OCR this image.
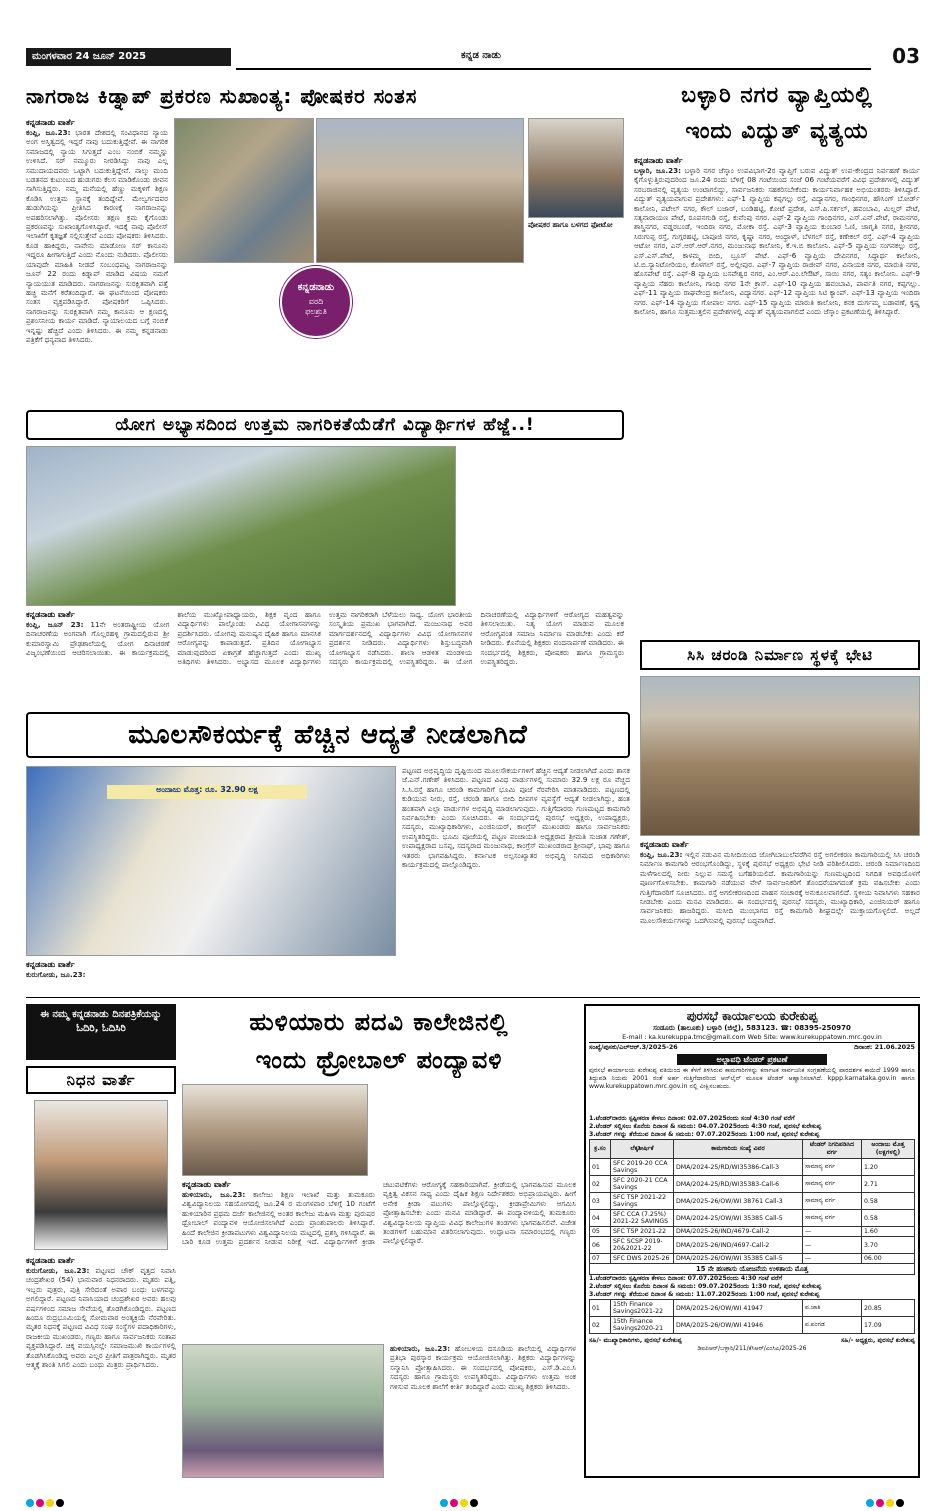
ಮಂಗಳವಾರ 24 ಜೂನ್ 2025	ಕನ್ನಡ ನಾಡು	03
ನಾಗರಾಜ ಕಿಡ್ನಾಪ್ ಪ್ರಕರಣ ಸುಖಾಂತ್ಯ: ಪೋಷಕರ ಸಂತಸ
ಕನ್ನಡನಾಡು ವಾರ್ತೆ
ಕಂಪ್ಲಿ, ಜೂ.23: ಭಾರತ ದೇಶದಲ್ಲಿ ಸಂವಿಧಾನದ ನ್ಯಾಯ ಅಂಗ ಅಸ್ತಿತ್ವದಲ್ಲಿ ಇದ್ದರೆ ನಾವು ಬದುಕುತ್ತಿದ್ದೇವೆ. ಈ ನಾಗರಿಕ ಸಮಾಜದಲ್ಲಿ ನ್ಯಾಯ ಸಿಗುತ್ತದೆ ಎಂಬ ನಂಬಿಕೆ ನಮ್ಮನ್ನು ಉಳಿಸಿದೆ. ಸರ್ ನಮ್ಮೂರು ನೀರಡಿಸಿದ್ದು ನಾವು ಎಲ್ಲ ಸಮುದಾಯದವರು ಒಟ್ಟಾಗಿ ಬದುಕುತ್ತಿದ್ದೇವೆ. ನಾಲ್ಕು ಮಂದಿ ಬಡತನದ ಕುಟುಂಬದ ಹುಡುಗರು ಕೆಲಸ ಮಾಡಿಕೊಂಡು ಜೀವನ ಸಾಗಿಸುತ್ತಿದ್ದರು. ನಮ್ಮ ಮನೆಯಲ್ಲಿ ಹೆಣ್ಣು ಮಕ್ಕಳಿಗೆ ಶಿಕ್ಷಣ ಕೊಡಿಸಿ ಉತ್ತಮ ಸ್ಥಾನಕ್ಕೆ ತಂದಿದ್ದೇವೆ. ಮೇಲ್ವರ್ಗದವರ ಹುಡುಗಿಯನ್ನು ಪ್ರೀತಿಸಿದ ಕಾರಣಕ್ಕೆ ನಾಗರಾಜನನ್ನು ಅಪಹರಿಸಲಾಗಿತ್ತು. ಪೊಲೀಸರು ತಕ್ಷಣ ಕ್ರಮ ಕೈಗೊಂಡು ಪ್ರಕರಣವನ್ನು ಸುಖಾಂತ್ಯಗೊಳಿಸಿದ್ದಾರೆ. ಇದಕ್ಕೆ ನಾವು ಪೊಲೀಸ್ ಇಲಾಖೆಗೆ ಕೃತಜ್ಞತೆ ಸಲ್ಲಿಸುತ್ತೇವೆ ಎಂದು ಪೋಷಕರು ತಿಳಿಸಿದರು. ಕೂಡ ಹಾಕಿದ್ದರು, ನಾವೇನು ಮಾಡೋಣ ಸರ್ ಕಾನೂನು ಇದ್ದರೂ ಹೀಗಾಗುತ್ತಿದೆ ಎಂದು ನೊಂದು ನುಡಿದರು. ಪೊಲೀಸರು ಯಾವುದೇ ಮಾಹಿತಿ ನೀಡದೆ ಸಂಬಂಧಪಟ್ಟ ನಾಗರಾಜನನ್ನು ಜೂನ್ 22 ರಂದು ಕಿಡ್ನಾಪ್ ಮಾಡಿದ ವಿಷಯ ನಮಗೆ ನ್ಯಾಯಯುತ ಮಾಡಿದರು. ನಾಗರಾಜನನ್ನು ಸುರಕ್ಷಿತವಾಗಿ ಪತ್ತೆ ಹಚ್ಚಿ ಮನೆಗೆ ಕರೆತಂದಿದ್ದಾರೆ. ಈ ಘಟನೆಯಿಂದ ಪೋಷಕರು ಸಂತಸ ವ್ಯಕ್ತಪಡಿಸಿದ್ದಾರೆ. ಪೋಷಕರಿಗೆ ಒಪ್ಪಿಸಿದರು. ನಾಗರಾಜನನ್ನು ಸುರಕ್ಷಿತವಾಗಿ ನಮ್ಮ ಕಾನೂನು ಆ ಕ್ಷಣದಲ್ಲಿ ಪ್ರಶಂಸನೀಯ ಕಾರ್ಯ ಮಾಡಿದೆ. ನ್ಯಾಯಾಲಯದ ಬಗ್ಗೆ ನಂಬಿಕೆ ಇನ್ನಷ್ಟು ಹೆಚ್ಚಿದೆ ಎಂದು ತಿಳಿಸಿದರು. ಈ ನಮ್ಮ ಕನ್ನಡನಾಡು ಪತ್ರಿಕೆಗೆ ಧನ್ಯವಾದ ತಿಳಿಸಿದರು.
ಪೋಷಕರ ಹಾಗೂ ಬಳಗದ ಫೋಟೋ
ಕನ್ನಡನಾಡು
ವರದಿ
ಫಲಶ್ರುತಿ
ಬಳ್ಳಾರಿ ನಗರ ವ್ಯಾಪ್ತಿಯಲ್ಲಿ
ಇಂದು ವಿದ್ಯುತ್ ವ್ಯತ್ಯಯ
ಕನ್ನಡನಾಡು ವಾರ್ತೆ
ಬಳ್ಳಾರಿ, ಜೂ.23: ಬಳ್ಳಾರಿ ನಗರ ಜೆಸ್ಕಾಂ ಉಪವಿಭಾಗ-2ರ ವ್ಯಾಪ್ತಿಗೆ ಬರುವ ವಿದ್ಯುತ್ ಉಪ-ಕೇಂದ್ರದ ನಿರ್ವಹಣೆ ಕಾರ್ಯ ಕೈಗೊಳ್ಳುತ್ತಿರುವುದರಿಂದ ಜೂ.24 ರಂದು ಬೆಳಿಗ್ಗೆ 08 ಗಂಟೆಯಿಂದ ಸಂಜೆ 06 ಗಂಟೆಯವರೆಗೆ ವಿವಿಧ ಪ್ರದೇಶಗಳಲ್ಲಿ ವಿದ್ಯುತ್ ಸರಬರಾಜಿನಲ್ಲಿ ವ್ಯತ್ಯಯ ಉಂಟಾಗಲಿದ್ದು, ಸಾರ್ವಜನಿಕರು ಸಹಕರಿಸಬೇಕೆಂದು ಕಾರ್ಯನಿರ್ವಾಹಕ ಅಭಿಯಂತರರು ತಿಳಿಸಿದ್ದಾರೆ. ವಿದ್ಯುತ್ ವ್ಯತ್ಯಯವಾಗುವ ಪ್ರದೇಶಗಳು: ಎಫ್-1 ವ್ಯಾಪ್ತಿಯ ಕಪ್ಪಗಲ್ಲು ರಸ್ತೆ, ವಿದ್ಯಾನಗರ, ಗಾಂಧಿನಗರ, ಹೌಸಿಂಗ್ ಬೋರ್ಡ್ ಕಾಲೋನಿ, ಪಟೇಲ್ ನಗರ, ಕೌಲ್ ಬಜಾರ್, ಬಂಡಿಹಟ್ಟಿ, ಕೋಟೆ ಪ್ರದೇಶ, ಎಸ್.ಪಿ.ಸರ್ಕಲ್, ಹವಂಬಾವಿ, ಮಿಲ್ಲರ್ ಪೇಟೆ, ಸತ್ಯನಾರಾಯಣ ಪೇಟೆ, ರೂಪನಗುಡಿ ರಸ್ತೆ, ಕುವೆಂಪು ನಗರ. ಎಫ್-2 ವ್ಯಾಪ್ತಿಯ ಗಾಂಧಿನಗರ, ಎಸ್.ಎನ್.ಪೇಟೆ, ರಾಮನಗರ, ಶಾಸ್ತ್ರಿನಗರ, ವಡ್ಡರಬಂಡೆ, ಇಂದಿರಾ ನಗರ, ಮೋಕಾ ರಸ್ತೆ. ಎಫ್-3 ವ್ಯಾಪ್ತಿಯ ಕುಂಬಾರ ಓಣಿ, ಜಾಗೃತಿ ನಗರ, ಶ್ರೀನಗರ, ಸಿರುಗುಪ್ಪ ರಸ್ತೆ, ಗುಗ್ಗರಹಟ್ಟಿ, ಬಾಪೂಜಿ ನಗರ, ಕೃಷ್ಣಾ ನಗರ, ಆಂಧ್ರಾಳ್, ಬೆಳಗಲ್ ರಸ್ತೆ, ಕಣೇಕಲ್ ರಸ್ತೆ. ಎಫ್-4 ವ್ಯಾಪ್ತಿಯ ಆಟೋ ನಗರ, ಎನ್.ಆರ್.ಆರ್.ನಗರ, ಮಂಜುನಾಥ ಕಾಲೋನಿ, ಕೆ.ಇ.ಬಿ ಕಾಲೋನಿ. ಎಫ್-5 ವ್ಯಾಪ್ತಿಯ ಸಂಗನಕಲ್ಲು ರಸ್ತೆ, ಎಸ್.ಎಸ್.ಪೇಟೆ, ಕಾಳಮ್ಮ ಬೀದಿ, ಬ್ರೂಸ್ ಪೇಟೆ. ಎಫ್-6 ವ್ಯಾಪ್ತಿಯ ದೇವಿನಗರ, ಸಿದ್ಧಾರ್ಥ ಕಾಲೋನಿ, ಟಿ.ಬಿ.ಸ್ಯಾನಿಟೋರಿಯಂ, ಕೊಳಗಲ್ ರಸ್ತೆ, ಅಲ್ಲೀಪುರ. ಎಫ್-7 ವ್ಯಾಪ್ತಿಯ ರಾಜೀವ್ ನಗರ, ವಿನಾಯಕ ನಗರ, ಮಾರುತಿ ನಗರ, ಹೊಸಪೇಟೆ ರಸ್ತೆ. ಎಫ್-8 ವ್ಯಾಪ್ತಿಯ ಬಸವೇಶ್ವರ ನಗರ, ಎಂ.ಆರ್.ಎಂ.ಲೇಔಟ್, ಸಾಯಿ ನಗರ, ಸತ್ಯಂ ಕಾಲೋನಿ. ಎಫ್-9 ವ್ಯಾಪ್ತಿಯ ನೆಹರು ಕಾಲೋನಿ, ಗಾಂಧಿ ನಗರ 1ನೇ ಕ್ರಾಸ್. ಎಫ್-10 ವ್ಯಾಪ್ತಿಯ ಹವಂಬಾವಿ, ಪಾರ್ವತಿ ನಗರ, ಕಪ್ಪಗಲ್ಲು. ಎಫ್-11 ವ್ಯಾಪ್ತಿಯ ರಾಘವೇಂದ್ರ ಕಾಲೋನಿ, ವಿದ್ಯಾನಗರ. ಎಫ್-12 ವ್ಯಾಪ್ತಿಯ ಸಿಟಿ ಕ್ಯಾಂಪ್. ಎಫ್-13 ವ್ಯಾಪ್ತಿಯ ಇಂದಿರಾ ನಗರ. ಎಫ್-14 ವ್ಯಾಪ್ತಿಯ ಗೋಪಾಲ ನಗರ. ಎಫ್-15 ವ್ಯಾಪ್ತಿಯ ಮಾರುತಿ ಕಾಲೋನಿ, ಕನಕ ದುರ್ಗಮ್ಮ ಬಡಾವಣೆ, ಕೃಷ್ಣ ಕಾಲೋನಿ, ಹಾಗೂ ಸುತ್ತಮುತ್ತಲಿನ ಪ್ರದೇಶಗಳಲ್ಲಿ ವಿದ್ಯುತ್ ವ್ಯತ್ಯಯವಾಗಲಿದೆ ಎಂದು ಜೆಸ್ಕಾಂ ಪ್ರಕಟಣೆಯಲ್ಲಿ ತಿಳಿಸಿದ್ದಾರೆ.
ಯೋಗ ಅಭ್ಯಾಸದಿಂದ ಉತ್ತಮ ನಾಗರಿಕತೆಯೆಡೆಗೆ ವಿದ್ಯಾರ್ಥಿಗಳ ಹೆಜ್ಜೆ..!
ಕನ್ನಡನಾಡು ವಾರ್ತೆ
ಕಂಪ್ಲಿ, ಜೂನ್ 23: 11ನೇ ಅಂತರಾಷ್ಟ್ರೀಯ ಯೋಗ ದಿನಾಚರಣೆಯ ಅಂಗವಾಗಿ ಗೊಲ್ಲರಹಳ್ಳಿ ಗ್ರಾಮದಲ್ಲಿರುವ ಶ್ರೀ ಕುಮಾರಸ್ವಾಮಿ ಪ್ರೌಢಶಾಲೆಯಲ್ಲಿ ಯೋಗ ದಿನಾಚರಣೆ ವಿಜೃಂಭಣೆಯಿಂದ ಆಚರಿಸಲಾಯಿತು. ಈ ಕಾರ್ಯಕ್ರಮದಲ್ಲಿ ಶಾಲೆಯ ಮುಖ್ಯೋಪಾಧ್ಯಾಯರು, ಶಿಕ್ಷಕ ವೃಂದ ಹಾಗೂ ವಿದ್ಯಾರ್ಥಿಗಳು ಪಾಲ್ಗೊಂಡು ವಿವಿಧ ಯೋಗಾಸನಗಳನ್ನು ಪ್ರದರ್ಶಿಸಿದರು. ಯೋಗವು ಮನುಷ್ಯನ ದೈಹಿಕ ಹಾಗೂ ಮಾನಸಿಕ ಆರೋಗ್ಯವನ್ನು ಕಾಪಾಡುತ್ತದೆ. ಪ್ರತಿದಿನ ಯೋಗಾಭ್ಯಾಸ ಮಾಡುವುದರಿಂದ ಏಕಾಗ್ರತೆ ಹೆಚ್ಚಾಗುತ್ತದೆ ಎಂದು ಮುಖ್ಯ ಅತಿಥಿಗಳು ತಿಳಿಸಿದರು. ಅಭ್ಯಾಸದ ಮೂಲಕ ವಿದ್ಯಾರ್ಥಿಗಳು ಉತ್ತಮ ನಾಗರಿಕರಾಗಿ ಬೆಳೆಯಲು ಸಾಧ್ಯ. ಯೋಗ ಭಾರತೀಯ ಸಂಸ್ಕೃತಿಯ ಪ್ರಮುಖ ಭಾಗವಾಗಿದೆ. ಮಂಜುನಾಥ ಅವರ ಮಾರ್ಗದರ್ಶನದಲ್ಲಿ ವಿದ್ಯಾರ್ಥಿಗಳು ವಿವಿಧ ಯೋಗಾಸನಗಳ ಪ್ರದರ್ಶನ ನೀಡಿದರು. ವಿದ್ಯಾರ್ಥಿಗಳು ಶಿಸ್ತುಬದ್ಧವಾಗಿ ಯೋಗಾಭ್ಯಾಸ ನಡೆಸಿದರು. ಶಾಲಾ ಆಡಳಿತ ಮಂಡಳಿಯ ಸದಸ್ಯರು ಕಾರ್ಯಕ್ರಮದಲ್ಲಿ ಉಪಸ್ಥಿತರಿದ್ದರು. ಈ ಯೋಗ ದಿನಾಚರಣೆಯಲ್ಲಿ ವಿದ್ಯಾರ್ಥಿಗಳಿಗೆ ಆರೋಗ್ಯದ ಮಹತ್ವವನ್ನು ತಿಳಿಸಲಾಯಿತು. ನಿತ್ಯ ಯೋಗ ಮಾಡುವ ಮೂಲಕ ಆರೋಗ್ಯವಂತ ಸಮಾಜ ನಿರ್ಮಾಣ ಮಾಡಬೇಕು ಎಂದು ಕರೆ ನೀಡಿದರು. ಕೊನೆಯಲ್ಲಿ ಶಿಕ್ಷಕರು ವಂದನಾರ್ಪಣೆ ಮಾಡಿದರು. ಈ ಸಂದರ್ಭದಲ್ಲಿ ಶಿಕ್ಷಕರು, ಪೋಷಕರು ಹಾಗೂ ಗ್ರಾಮಸ್ಥರು ಉಪಸ್ಥಿತರಿದ್ದರು.	ಸಿಸಿ ಚರಂಡಿ ನಿರ್ಮಾಣ ಸ್ಥಳಕ್ಕೆ ಭೇಟಿ
ಕನ್ನಡನಾಡು ವಾರ್ತೆ
ಕಂಪ್ಲಿ, ಜೂ.23: ಇಲ್ಲಿನ ನಡುವಿನ ಮಸೀದಿಯಿಂದ ಜೋಗಿಬಾಬುಲೆವರೆಗಿನ ರಸ್ತೆ ಅಗಲೀಕರಣ ಕಾಮಗಾರಿಯಲ್ಲಿ ಸಿಸಿ ಚರಂಡಿ ನಿರ್ಮಾಣ ಕಾಮಗಾರಿ ಆರಂಭಗೊಂಡಿದ್ದು, ಸ್ಥಳಕ್ಕೆ ಪುರಸಭೆ ಅಧ್ಯಕ್ಷರು ಭೇಟಿ ನೀಡಿ ಪರಿಶೀಲಿಸಿದರು. ಚರಂಡಿ ನಿರ್ಮಾಣದಿಂದ ಮಳೆಗಾಲದಲ್ಲಿ ನೀರು ನಿಲ್ಲುವ ಸಮಸ್ಯೆ ಬಗೆಹರಿಯಲಿದೆ. ಕಾಮಗಾರಿಯನ್ನು ಗುಣಮಟ್ಟದಿಂದ ನಿಗದಿತ ಅವಧಿಯೊಳಗೆ ಪೂರ್ಣಗೊಳಿಸಬೇಕು. ಕಾಮಗಾರಿ ನಡೆಯುವ ವೇಳೆ ಸಾರ್ವಜನಿಕರಿಗೆ ತೊಂದರೆಯಾಗದಂತೆ ಕ್ರಮ ವಹಿಸಬೇಕು ಎಂದು ಗುತ್ತಿಗೆದಾರರಿಗೆ ಸೂಚಿಸಿದರು. ರಸ್ತೆ ಅಗಲೀಕರಣದಿಂದ ವಾಹನ ಸಂಚಾರಕ್ಕೆ ಅನುಕೂಲವಾಗಲಿದೆ. ಸ್ಥಳೀಯ ನಿವಾಸಿಗಳು ಸಹಕಾರ ನೀಡಬೇಕು ಎಂದು ಮನವಿ ಮಾಡಿದರು. ಈ ಸಂದರ್ಭದಲ್ಲಿ ಪುರಸಭೆ ಸದಸ್ಯರು, ಮುಖ್ಯಾಧಿಕಾರಿ, ಎಂಜಿನಿಯರ್ ಹಾಗೂ ಸಾರ್ವಜನಿಕರು ಹಾಜರಿದ್ದರು. ಮಸೀದಿ ಮುಂಭಾಗದ ರಸ್ತೆ ಕಾಮಗಾರಿ ಶೀಘ್ರದಲ್ಲೇ ಮುಕ್ತಾಯಗೊಳ್ಳಲಿದೆ. ಅಲ್ಲದೆ ಮೂಲಸೌಕರ್ಯಗಳನ್ನು ಒದಗಿಸುವಲ್ಲಿ ಪುರಸಭೆ ಬದ್ಧವಾಗಿದೆ.
ಮೂಲಸೌಕರ್ಯಕ್ಕೆ ಹೆಚ್ಚಿನ ಆದ್ಯತೆ ನೀಡಲಾಗಿದೆ
ಅಂದಾಜು ಮೊತ್ತ: ರೂ. 32.90 ಲಕ್ಷ
ಪಟ್ಟಣದ ಅಭಿವೃದ್ಧಿಯ ದೃಷ್ಟಿಯಿಂದ ಮೂಲಸೌಕರ್ಯಗಳಿಗೆ ಹೆಚ್ಚಿನ ಆದ್ಯತೆ ನೀಡಲಾಗಿದೆ ಎಂದು ಶಾಸಕ ಜೆ.ಎನ್.ಗಣೇಶ್ ತಿಳಿಸಿದರು. ಪಟ್ಟಣದ ವಿವಿಧ ವಾರ್ಡುಗಳಲ್ಲಿ ಸುಮಾರು 32.9 ಲಕ್ಷ ರೂ ವೆಚ್ಚದ ಸಿ.ಸಿ.ರಸ್ತೆ ಹಾಗೂ ಚರಂಡಿ ಕಾಮಗಾರಿಗೆ ಭೂಮಿ ಪೂಜೆ ನೆರವೇರಿಸಿ ಮಾತನಾಡಿದರು. ಪಟ್ಟಣದಲ್ಲಿ ಕುಡಿಯುವ ನೀರು, ರಸ್ತೆ, ಚರಂಡಿ ಹಾಗೂ ಬೀದಿ ದೀಪಗಳ ವ್ಯವಸ್ಥೆಗೆ ಆದ್ಯತೆ ನೀಡಲಾಗಿದ್ದು, ಹಂತ ಹಂತವಾಗಿ ಎಲ್ಲಾ ವಾರ್ಡುಗಳ ಅಭಿವೃದ್ಧಿ ಮಾಡಲಾಗುವುದು. ಗುತ್ತಿಗೆದಾರರು ಗುಣಮಟ್ಟದ ಕಾಮಗಾರಿ ನಿರ್ವಹಿಸಬೇಕು ಎಂದು ಸೂಚಿಸಿದರು. ಈ ಸಂದರ್ಭದಲ್ಲಿ ಪುರಸಭೆ ಅಧ್ಯಕ್ಷರು, ಉಪಾಧ್ಯಕ್ಷರು, ಸದಸ್ಯರು, ಮುಖ್ಯಾಧಿಕಾರಿಗಳು, ಎಂಜಿನಿಯರ್, ಕಾಂಗ್ರೆಸ್ ಮುಖಂಡರು ಹಾಗೂ ಸಾರ್ವಜನಿಕರು ಉಪಸ್ಥಿತರಿದ್ದರು. ಭೂಮಿ ಪೂಜೆಯಲ್ಲಿ ಪಟ್ಟಣ ಪಂಚಾಯತಿ ಅಧ್ಯಕ್ಷರಾದ ಶ್ರೀಮತಿ ಸುಜಾತ ಗಣೇಶ್, ಉಪಾಧ್ಯಕ್ಷರಾದ ಬಸಪ್ಪ, ಸದಸ್ಯರಾದ ಮಂಜುನಾಥ, ಕಾಂಗ್ರೆಸ್ ಮುಖಂಡರಾದ ಶ್ರೀನಾಥ್, ಭಾವು ಹಾಗೂ ಇತರರು ಭಾಗವಹಿಸಿದ್ದರು. ಕರ್ನಾಟಕ ಅಲ್ಪಸಂಖ್ಯಾತರ ಅಭಿವೃದ್ಧಿ ನಿಗಮದ ಅಧಿಕಾರಿಗಳು ಕಾರ್ಯಕ್ರಮದಲ್ಲಿ ಪಾಲ್ಗೊಂಡಿದ್ದರು.
ಕನ್ನಡನಾಡು ವಾರ್ತೆ
ಕುರುಗೋಡು, ಜೂ.23:
ಈ ನಮ್ಮ ಕನ್ನಡನಾಡು ದಿನಪತ್ರಿಕೆಯನ್ನು ಓದಿರಿ, ಓದಿಸಿರಿ
ನಿಧನ ವಾರ್ತೆ
ಕನ್ನಡನಾಡು ವಾರ್ತೆ
ಕುರುಗೋಡು, ಜೂ.23: ಪಟ್ಟಣದ ಚೌಕ್ ವೃತ್ತದ ನಿವಾಸಿ ಚಂದ್ರಶೇಖರ (54) ಭಾನುವಾರ ನಿಧನರಾದರು. ಮೃತರು ಪತ್ನಿ, ಇಬ್ಬರು ಪುತ್ರರು, ಪುತ್ರಿ ಸೇರಿದಂತೆ ಅಪಾರ ಬಂಧು ಬಳಗವನ್ನು ಅಗಲಿದ್ದಾರೆ. ಪಟ್ಟಣದ ನಿವಾಸಿಯಾದ ಚಂದ್ರಶೇಖರ ಅವರು ಹಲವು ವರ್ಷಗಳಿಂದ ಸಮಾಜ ಸೇವೆಯಲ್ಲಿ ತೊಡಗಿಕೊಂಡಿದ್ದರು. ಪಟ್ಟಣದ ಹಿಂದೂ ರುದ್ರಭೂಮಿಯಲ್ಲಿ ಸೋಮವಾರ ಅಂತ್ಯಕ್ರಿಯೆ ನೆರವೇರಿತು. ಮೃತರ ನಿಧನಕ್ಕೆ ಪಟ್ಟಣದ ವಿವಿಧ ಸಂಘ ಸಂಸ್ಥೆಗಳ ಪದಾಧಿಕಾರಿಗಳು, ರಾಜಕೀಯ ಮುಖಂಡರು, ಗಣ್ಯರು ಹಾಗೂ ಸಾರ್ವಜನಿಕರು ಸಂತಾಪ ವ್ಯಕ್ತಪಡಿಸಿದ್ದಾರೆ. ಚಿಕ್ಕ ವಯಸ್ಸಿನಲ್ಲೇ ಸಮಾಜಮುಖಿ ಕಾರ್ಯಗಳಲ್ಲಿ ತೊಡಗಿಸಿಕೊಂಡಿದ್ದ ಅವರು ಎಲ್ಲರ ಪ್ರೀತಿಗೆ ಪಾತ್ರರಾಗಿದ್ದರು. ಮೃತರ ಆತ್ಮಕ್ಕೆ ಶಾಂತಿ ಸಿಗಲಿ ಎಂದು ಬಂಧು ಮಿತ್ರರು ಪ್ರಾರ್ಥಿಸಿದರು.
ಹುಳಿಯಾರು ಪದವಿ ಕಾಲೇಜಿನಲ್ಲಿ
ಇಂದು ಥ್ರೋಬಾಲ್ ಪಂದ್ಯಾವಳಿ
ಕನ್ನಡನಾಡು ವಾರ್ತೆ
ಹುಳಿಯಾರು, ಜೂ.23: ಕಾಲೇಜು ಶಿಕ್ಷಣ ಇಲಾಖೆ ಮತ್ತು ತುಮಕೂರು ವಿಶ್ವವಿದ್ಯಾನಿಲಯ ಸಹಯೋಗದಲ್ಲಿ ಜೂ.24 ರ ಮಂಗಳವಾರ ಬೆಳಿಗ್ಗೆ 10 ಗಂಟೆಗೆ ಹುಳಿಯಾರಿನ ಪ್ರಥಮ ದರ್ಜೆ ಕಾಲೇಜಿನಲ್ಲಿ ಅಂತರ ಕಾಲೇಜು ಮಹಿಳಾ ಮತ್ತು ಪುರುಷರ ಥ್ರೋಬಾಲ್ ಪಂದ್ಯಾವಳಿ ಆಯೋಜಿಸಲಾಗಿದೆ ಎಂದು ಪ್ರಾಂಶುಪಾಲರು ತಿಳಿಸಿದ್ದಾರೆ. ಹಿಂದೆ ಕಾಲೇಜಿನ ಕ್ರೀಡಾಪಟುಗಳು ವಿಶ್ವವಿದ್ಯಾನಿಲಯ ಮಟ್ಟದಲ್ಲಿ ಪ್ರಶಸ್ತಿ ಗಳಿಸಿದ್ದಾರೆ. ಈ ಬಾರಿ ಕೂಡ ಉತ್ತಮ ಪ್ರದರ್ಶನ ನೀಡುವ ನಿರೀಕ್ಷೆ ಇದೆ. ವಿದ್ಯಾರ್ಥಿಗಳಿಗೆ ಕ್ರೀಡಾ ಚಟುವಟಿಕೆಗಳು ಆರೋಗ್ಯಕ್ಕೆ ಸಹಕಾರಿಯಾಗಿವೆ. ಕ್ರೀಡೆಯಲ್ಲಿ ಭಾಗವಹಿಸುವ ಮೂಲಕ ವ್ಯಕ್ತಿತ್ವ ವಿಕಸನ ಸಾಧ್ಯ ಎಂದು ದೈಹಿಕ ಶಿಕ್ಷಣ ನಿರ್ದೇಶಕರು ಅಭಿಪ್ರಾಯಪಟ್ಟರು. ಹೀಗೆ ಅನೇಕ ಕ್ರೀಡಾ ಪಟುಗಳು ಪಾಲ್ಗೊಳ್ಳಲಿದ್ದು, ಕ್ರೀಡಾಪ್ರೇಮಿಗಳು ಆಗಮಿಸಿ ಪ್ರೋತ್ಸಾಹಿಸಬೇಕು ಎಂದು ಮನವಿ ಮಾಡಿದ್ದಾರೆ. ಈ ಪಂದ್ಯಾವಳಿಯಲ್ಲಿ ತುಮಕೂರು ವಿಶ್ವವಿದ್ಯಾನಿಲಯ ವ್ಯಾಪ್ತಿಯ ವಿವಿಧ ಕಾಲೇಜುಗಳ ತಂಡಗಳು ಭಾಗವಹಿಸಲಿವೆ. ವಿಜೇತ ತಂಡಗಳಿಗೆ ಬಹುಮಾನ ವಿತರಿಸಲಾಗುವುದು. ಉದ್ಘಾಟನಾ ಸಮಾರಂಭದಲ್ಲಿ ಗಣ್ಯರು ಪಾಲ್ಗೊಳ್ಳಲಿದ್ದಾರೆ.
ಹುಳಿಯಾರು, ಜೂ.23: ಹೋಬಳಿಯ ದಸೂಡಿಯ ಶಾಲೆಯಲ್ಲಿ ವಿದ್ಯಾರ್ಥಿಗಳ ಪ್ರತಿಭಾ ಪುರಸ್ಕಾರ ಕಾರ್ಯಕ್ರಮ ಆಯೋಜಿಸಲಾಗಿತ್ತು. ಶಿಕ್ಷಕರು ವಿದ್ಯಾರ್ಥಿಗಳನ್ನು ಸನ್ಮಾನಿಸಿ ಪ್ರೋತ್ಸಾಹಿಸಿದರು. ಈ ಸಂದರ್ಭದಲ್ಲಿ ಪೋಷಕರು, ಎಸ್.ಡಿ.ಎಂ.ಸಿ ಸದಸ್ಯರು ಹಾಗೂ ಗ್ರಾಮಸ್ಥರು ಉಪಸ್ಥಿತರಿದ್ದರು. ವಿದ್ಯಾರ್ಥಿಗಳು ಉತ್ತಮ ಅಂಕ ಗಳಿಸುವ ಮೂಲಕ ಶಾಲೆಗೆ ಕೀರ್ತಿ ತಂದಿದ್ದಾರೆ ಎಂದು ಮುಖ್ಯ ಶಿಕ್ಷಕರು ತಿಳಿಸಿದರು.
ಪುರಸಭೆ ಕಾರ್ಯಾಲಯ ಕುರೇಕುಪ್ಪ
ಸಂಡೂರು (ತಾಲೂಕು) ಬಳ್ಳಾರಿ (ಜಿಲ್ಲೆ), 583123. ☎: 08395-250970
E-mail : ka.kurekuppa.tmc@gmail.com Web Site: www.kurekuppatown.mrc.gov.in
ಸಂಖ್ಯೆ/ಪುಸಕು/ಎಲ್‌ಆರ್.3/2025-26	ದಿನಾಂಕ: 21.06.2025
ಅಲ್ಪಾವಧಿ ಟೆಂಡರ್ ಪ್ರಕಟಣೆ
ಪುರಸಭೆ ಕಾರ್ಯಾಲಯ ಕುರೇಕುಪ್ಪ ವತಿಯಿಂದ ಈ ಕೆಳಗೆ ತಿಳಿಸಿರುವ ಕಾಮಗಾರಿಗಳನ್ನು ಕರ್ನಾಟಕ ಸಾರ್ವಜನಿಕ ಸಂಗ್ರಹಣೆಯಲ್ಲಿ ಪಾರದರ್ಶಕ ಕಾಯಿದೆ 1999 ಹಾಗೂ ತಿದ್ದುಪಡಿ ನಿಯಮ 2001 ರಂತೆ ಅರ್ಹ ಗುತ್ತಿಗೆದಾರರಿಂದ ಆನ್‌ಲೈನ್ ಮೂಲಕ ಟೆಂಡರ್ ಆಹ್ವಾನಿಸಲಾಗಿದೆ. kppp.karnataka.gov.in ಹಾಗೂ www.kurekuppatown.mrc.gov.in ನಲ್ಲಿ ವೀಕ್ಷಿಸಬಹುದು.
1.ಟೆಂಡರ್‌ದಾರರು ಸ್ಪಷ್ಟೀಕರಣ ಕೇಳಲು ದಿನಾಂಕ: 02.07.2025ರಂದು ಸಂಜೆ 4:30 ಗಂಟೆ ವರೆಗೆ
2.ಟೆಂಡರ್ ಸಲ್ಲಿಸಲು ಕೊನೆಯ ದಿನಾಂಕ & ಸಮಯ: 04.07.2025ರಂದು 4:30 ಗಂಟೆ, ಪುರಸಭೆ ಕುರೇಕುಪ್ಪ
3.ಟೆಂಡರ್ ಗಳನ್ನು ತೆರೆಯುವ ದಿನಾಂಕ & ಸಮಯ: 07.07.2025ರಂದು 1:00 ಗಂಟೆ, ಪುರಸಭೆ ಕುರೇಕುಪ್ಪ
ಕ್ರ.ಸಂ	ಲೆಕ್ಕಶೀರ್ಷಿಕೆ	ಕಾಮಗಾರಿಯ ಸಂಖ್ಯೆ ವಿವರ	ಟೆಂಡರ್ ನಿಗದಿಪಡಿಸಿದ ವರ್ಗ	ಅಂದಾಜು ಮೊತ್ತ (ಲಕ್ಷಗಳಲ್ಲಿ)
01	SFC 2019-20 CCA Savings	DMA/2024-25/RD/WI35386-Call-3	ಸಾಮಾನ್ಯ ವರ್ಗ	1.20
02	SFC 2020-21 CCA Savings	DMA/2024-25/RD/WI35383-Call-6	ಸಾಮಾನ್ಯ ವರ್ಗ	2.71
03	SFC TSP 2021-22 Savings	DMA/2025-26/OW/WI 38761 Call-3	ಸಾಮಾನ್ಯ ವರ್ಗ	0.58
04	SFC CCA (7.25%) 2021-22 SAVINGS	DMA/2024-25/OW/WI 35385 Call-5	ಸಾಮಾನ್ಯ ವರ್ಗ	0.58
05	SFC TSP 2021-22	DMA/2025-26/IND/4679-Call-2	—	1.60
06	SFC SCSP 2019-20&2021-22	DMA/2025-26/IND/4697-Call-2	—	3.70
07	SFC DWS 2025-26	DMA/2025-26/OW/WI 35385 Call-5	—	06.00
15 ನೇ ಹಣಕಾಸು ಯೋಜನೆಯ ಉಳಿತಾಯ ಮೊತ್ತ
1.ಟೆಂಡರ್‌ದಾರರು ಸ್ಪಷ್ಟೀಕರಣ ಕೇಳಲು ದಿನಾಂಕ: 07.07.2025ರಂದು 4:30 ಗಂಟೆ ವರೆಗೆ
2.ಟೆಂಡರ್ ಸಲ್ಲಿಸಲು ಕೊನೆಯ ದಿನಾಂಕ & ಸಮಯ: 09.07.2025ರಂದು 1:30 ಗಂಟೆ, ಪುರಸಭೆ ಕುರೇಕುಪ್ಪ
3.ಟೆಂಡರ್ ಗಳನ್ನು ತೆರೆಯುವ ದಿನಾಂಕ & ಸಮಯ: 11.07.2025ರಂದು 1:00 ಗಂಟೆ, ಪುರಸಭೆ ಕುರೇಕುಪ್ಪ
01	15th Finance Savings2021-22	DMA/2025-26/OW/WI 41947	ಪ.ಜಾತಿ	20.85
02	15th Finance Savings2020-21	DMA/2025-26/OW/WI 41946	ಪ.ಪಂಗಡ	17.09
ಸಹಿ/- ಮುಖ್ಯಾಧಿಕಾರಿಗಳು, ಪುರಸಭೆ ಕುರೇಕುಪ್ಪ	ಸಹಿ/- ಅಧ್ಯಕ್ಷರು, ಪುರಸಭೆ ಕುರೇಕುಪ್ಪ
ಡಿಐಪಿಆರ್/ಬಳ್ಳಾರಿ/211/ಕೆಸಿಆರ್/ಎಂಸಿಎ/2025-26
